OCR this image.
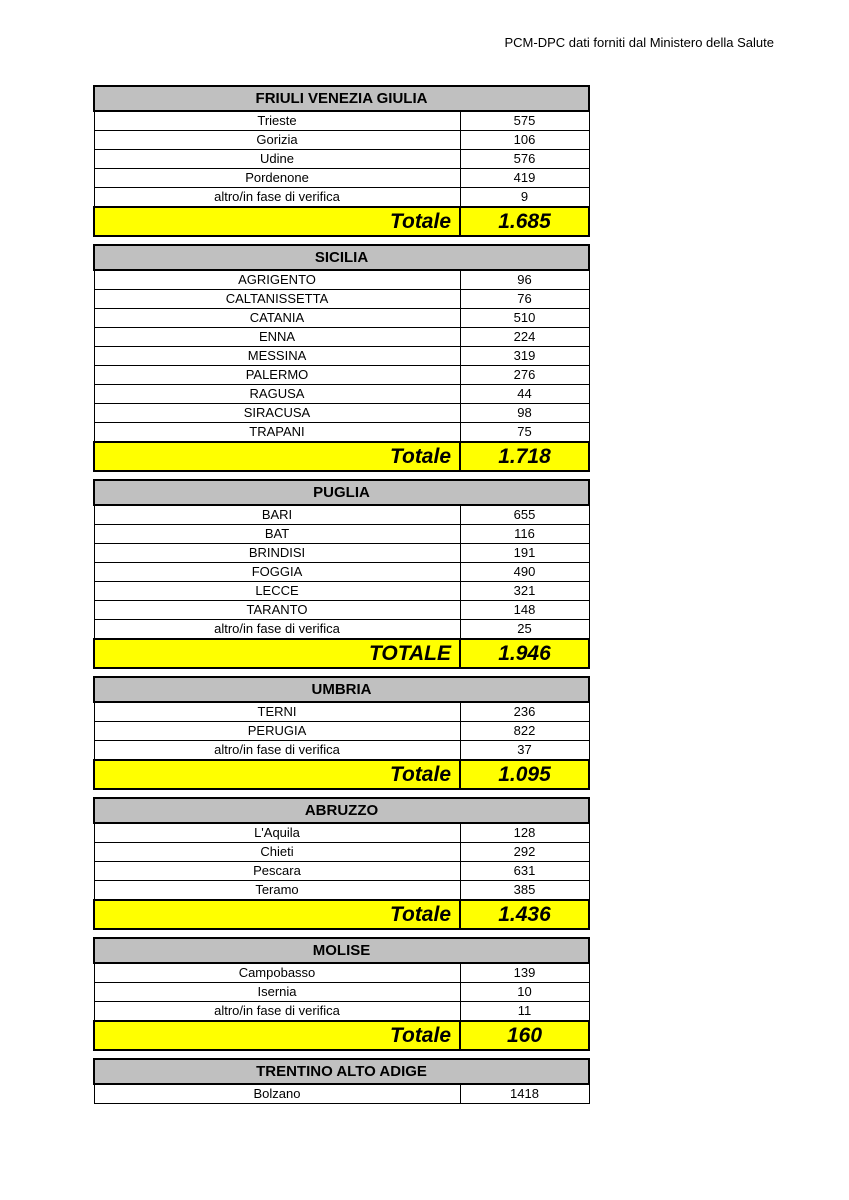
PCM-DPC dati forniti dal Ministero della Salute
FRIULI VENEZIA GIULIA	
Trieste	575
Gorizia	106
Udine	576
Pordenone	419
altro/in fase di verifica	9
Totale	1.685
SICILIA	
AGRIGENTO	96
CALTANISSETTA	76
CATANIA	510
ENNA	224
MESSINA	319
PALERMO	276
RAGUSA	44
SIRACUSA	98
TRAPANI	75
Totale	1.718
PUGLIA	
BARI	655
BAT	116
BRINDISI	191
FOGGIA	490
LECCE	321
TARANTO	148
altro/in fase di verifica	25
TOTALE	1.946
UMBRIA	
TERNI	236
PERUGIA	822
altro/in fase di verifica	37
Totale	1.095
ABRUZZO	
L'Aquila	128
Chieti	292
Pescara	631
Teramo	385
Totale	1.436
MOLISE	
Campobasso	139
Isernia	10
altro/in fase di verifica	11
Totale	160
TRENTINO ALTO ADIGE
Bolzano	1418
